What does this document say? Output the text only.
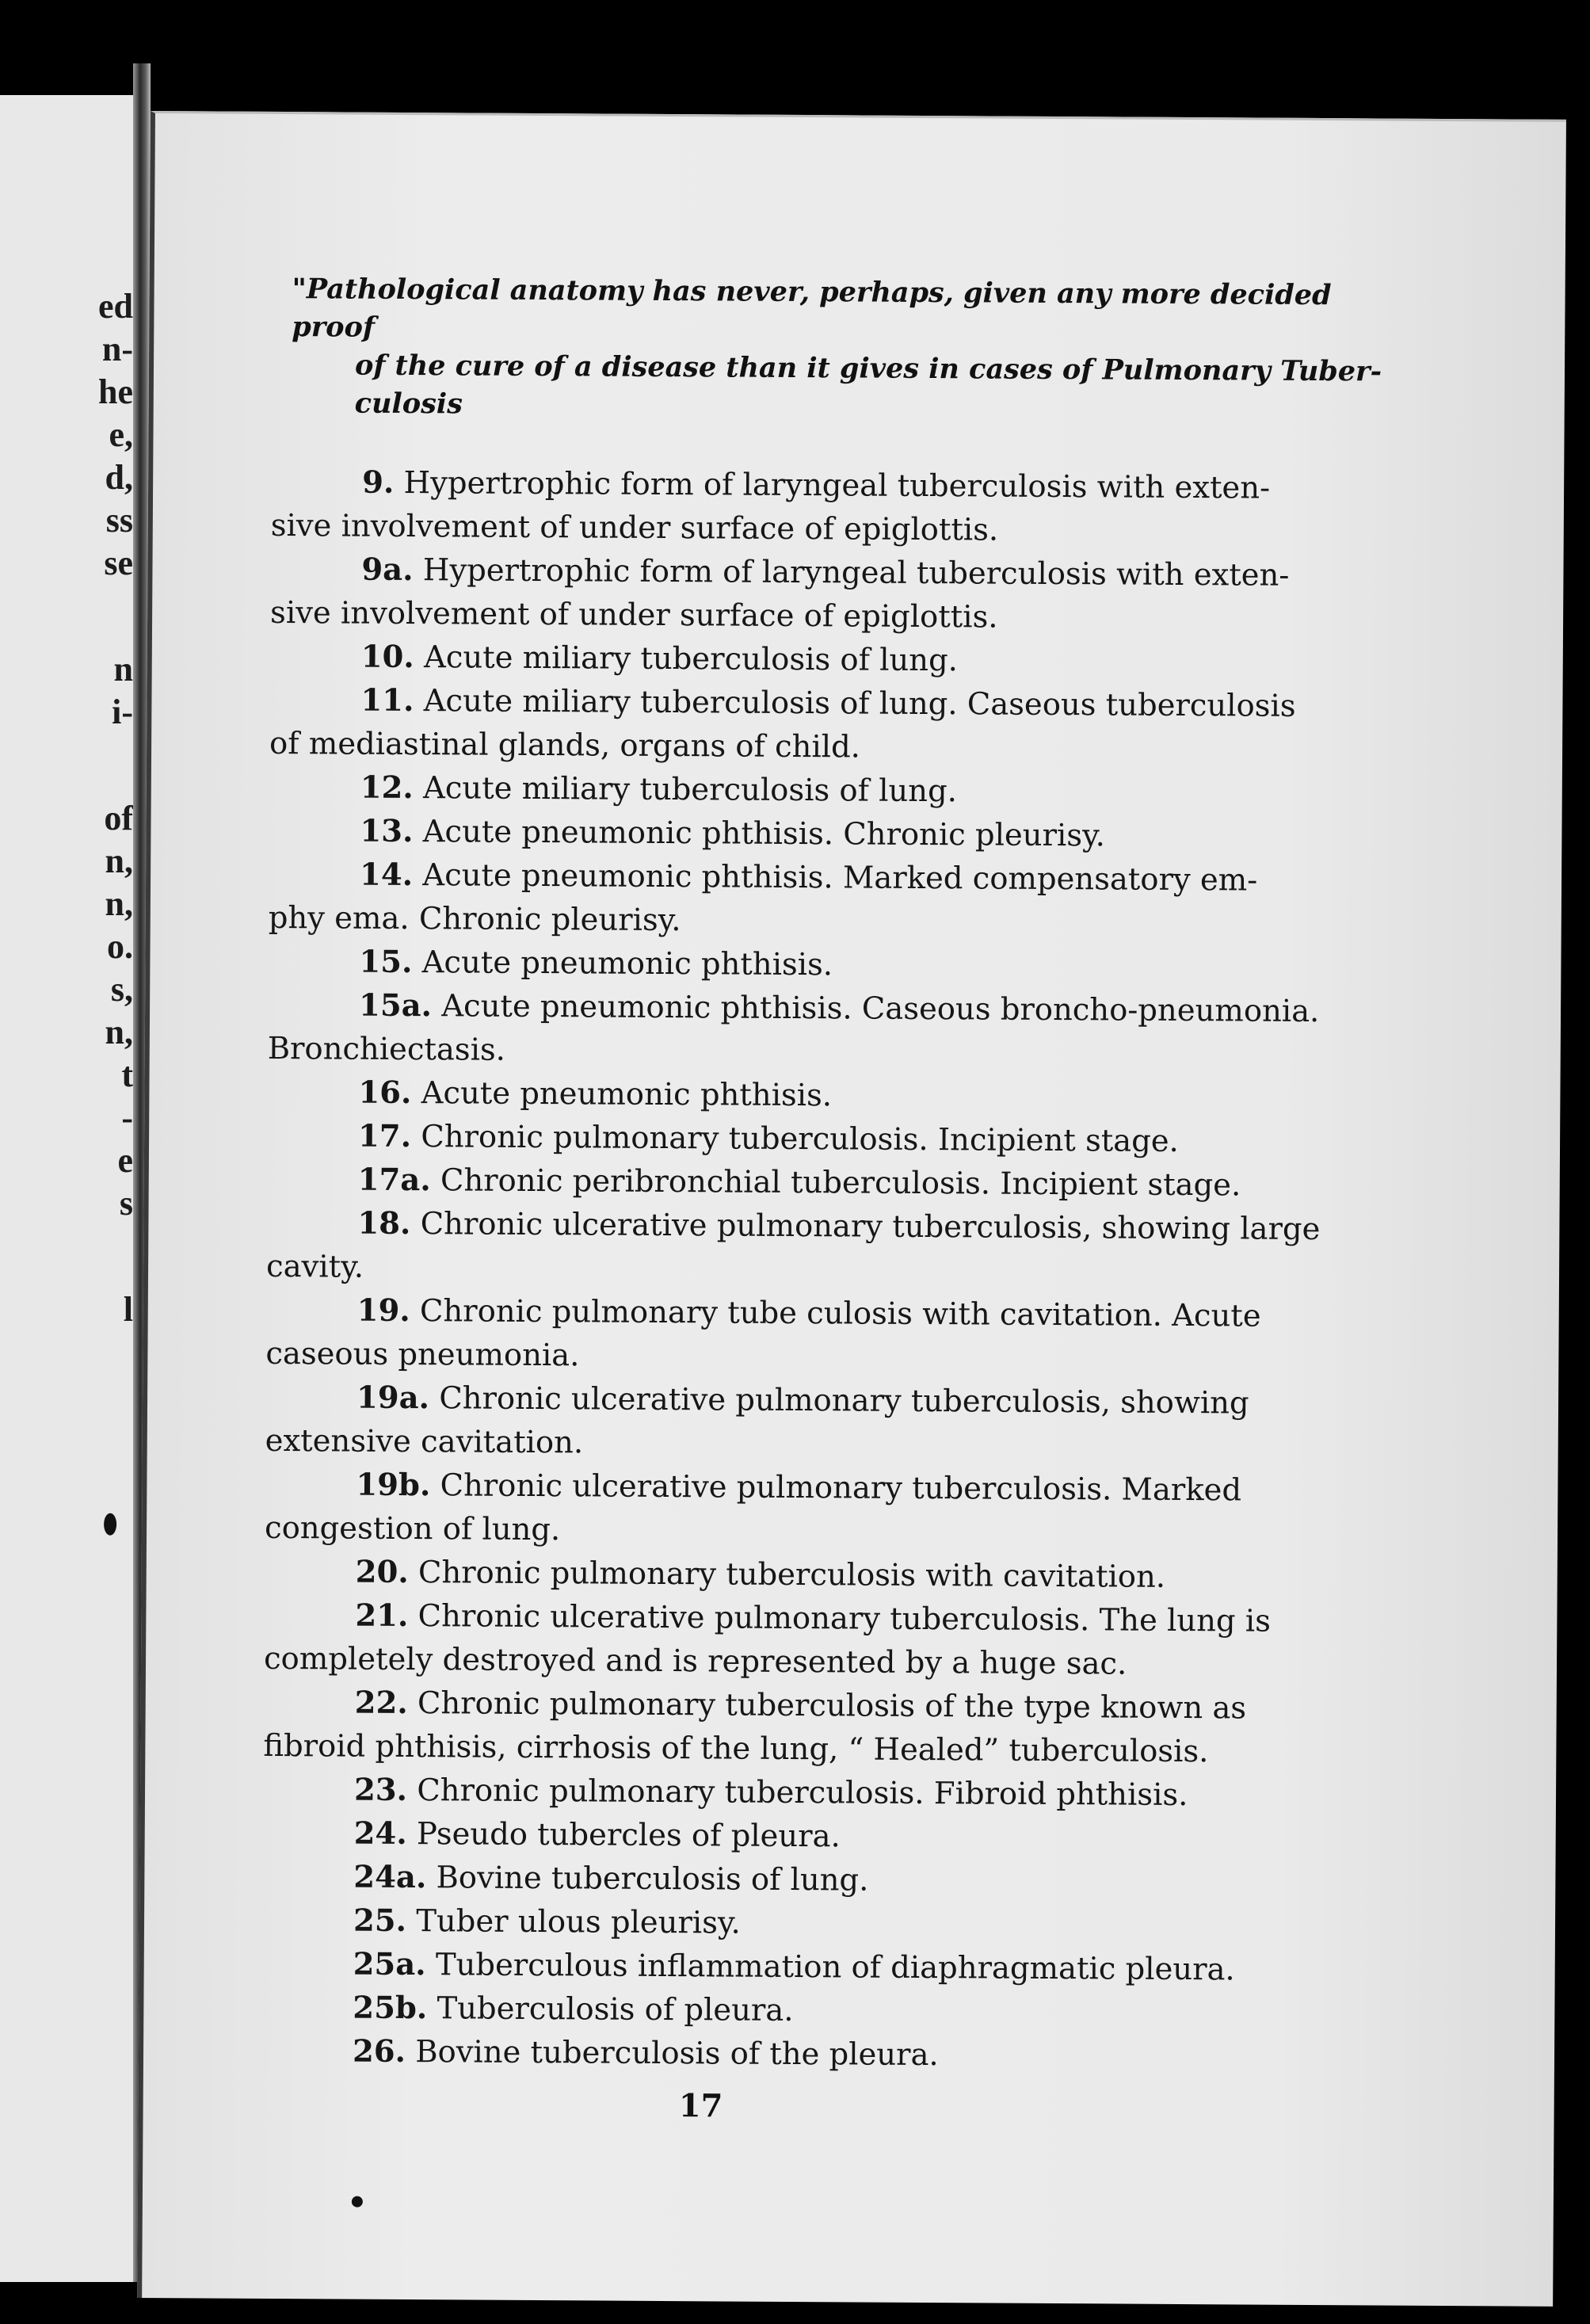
ed
n-
he
e,
d,
ss
se
n
i-
of
n,
n,
o.
s,
n,
t
-
e
s
l
"Pathological anatomy has never, perhaps, given any more decided proof
of the cure of a disease than it gives in cases of Pulmonary Tuber-
culosis
9. Hypertrophic form of laryngeal tuberculosis with exten-
sive involvement of under surface of epiglottis.
9a. Hypertrophic form of laryngeal tuberculosis with exten-
sive involvement of under surface of epiglottis.
10. Acute miliary tuberculosis of lung.
11. Acute miliary tuberculosis of lung. Caseous tuberculosis
of mediastinal glands, organs of child.
12. Acute miliary tuberculosis of lung.
13. Acute pneumonic phthisis. Chronic pleurisy.
14. Acute pneumonic phthisis. Marked compensatory em-
phy ema. Chronic pleurisy.
15. Acute pneumonic phthisis.
15a. Acute pneumonic phthisis. Caseous broncho-pneumonia.
Bronchiectasis.
16. Acute pneumonic phthisis.
17. Chronic pulmonary tuberculosis. Incipient stage.
17a. Chronic peribronchial tuberculosis. Incipient stage.
18. Chronic ulcerative pulmonary tuberculosis, showing large
cavity.
19. Chronic pulmonary tube culosis with cavitation. Acute
caseous pneumonia.
19a. Chronic ulcerative pulmonary tuberculosis, showing
extensive cavitation.
19b. Chronic ulcerative pulmonary tuberculosis. Marked
congestion of lung.
20. Chronic pulmonary tuberculosis with cavitation.
21. Chronic ulcerative pulmonary tuberculosis. The lung is
completely destroyed and is represented by a huge sac.
22. Chronic pulmonary tuberculosis of the type known as
fibroid phthisis, cirrhosis of the lung, “ Healed” tuberculosis.
23. Chronic pulmonary tuberculosis. Fibroid phthisis.
24. Pseudo tubercles of pleura.
24a. Bovine tuberculosis of lung.
25. Tuber ulous pleurisy.
25a. Tuberculous inflammation of diaphragmatic pleura.
25b. Tuberculosis of pleura.
26. Bovine tuberculosis of the pleura.
17
